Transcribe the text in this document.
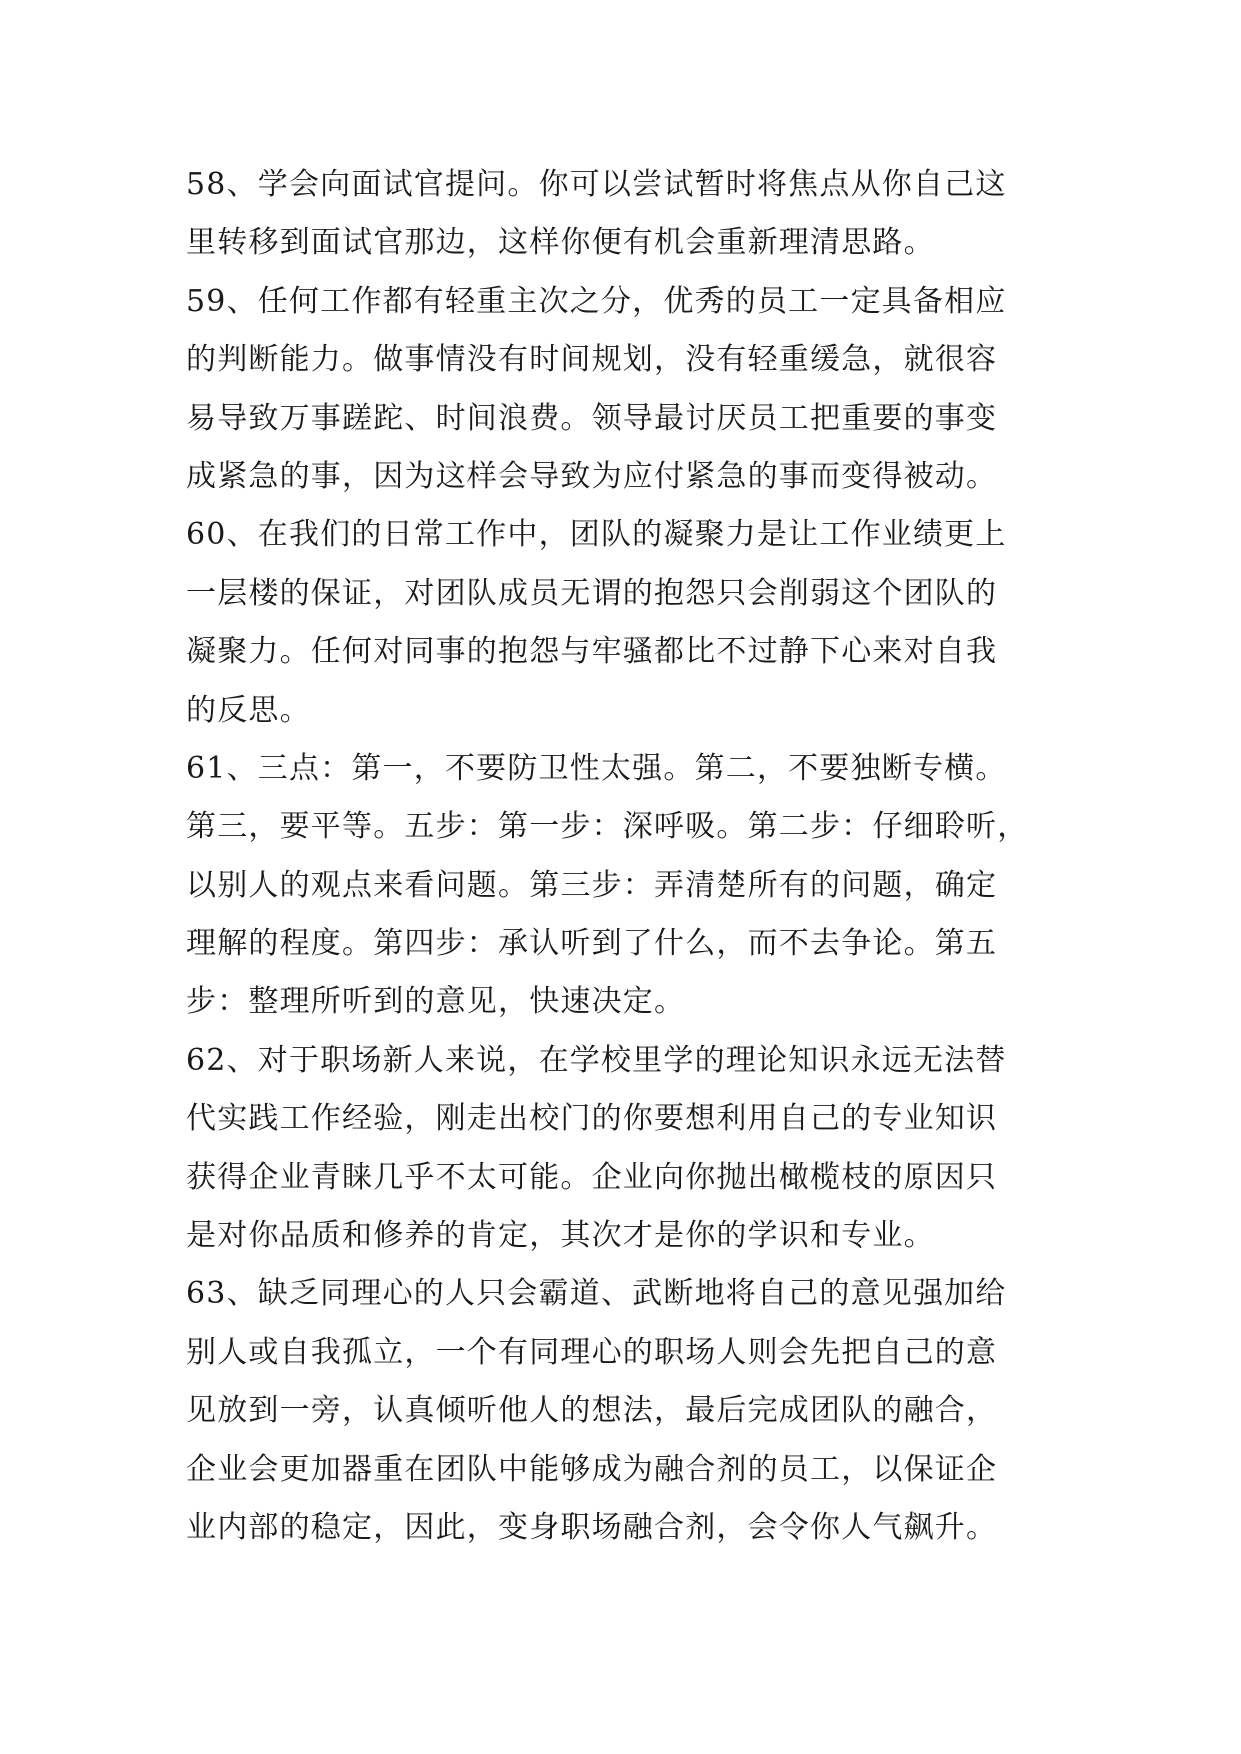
58、学会向面试官提问。你可以尝试暂时将焦点从你自己这
里转移到面试官那边，这样你便有机会重新理清思路。
59、任何工作都有轻重主次之分，优秀的员工一定具备相应
的判断能力。做事情没有时间规划，没有轻重缓急，就很容
易导致万事蹉跎、时间浪费。领导最讨厌员工把重要的事变
成紧急的事，因为这样会导致为应付紧急的事而变得被动。
60、在我们的日常工作中，团队的凝聚力是让工作业绩更上
一层楼的保证，对团队成员无谓的抱怨只会削弱这个团队的
凝聚力。任何对同事的抱怨与牢骚都比不过静下心来对自我
的反思。
61、三点：第一，不要防卫性太强。第二，不要独断专横。
第三，要平等。五步：第一步：深呼吸。第二步：仔细聆听，
以别人的观点来看问题。第三步：弄清楚所有的问题，确定
理解的程度。第四步：承认听到了什么，而不去争论。第五
步：整理所听到的意见，快速决定。
62、对于职场新人来说，在学校里学的理论知识永远无法替
代实践工作经验，刚走出校门的你要想利用自己的专业知识
获得企业青睐几乎不太可能。企业向你抛出橄榄枝的原因只
是对你品质和修养的肯定，其次才是你的学识和专业。
63、缺乏同理心的人只会霸道、武断地将自己的意见强加给
别人或自我孤立，一个有同理心的职场人则会先把自己的意
见放到一旁，认真倾听他人的想法，最后完成团队的融合，
企业会更加器重在团队中能够成为融合剂的员工，以保证企
业内部的稳定，因此，变身职场融合剂，会令你人气飙升。
